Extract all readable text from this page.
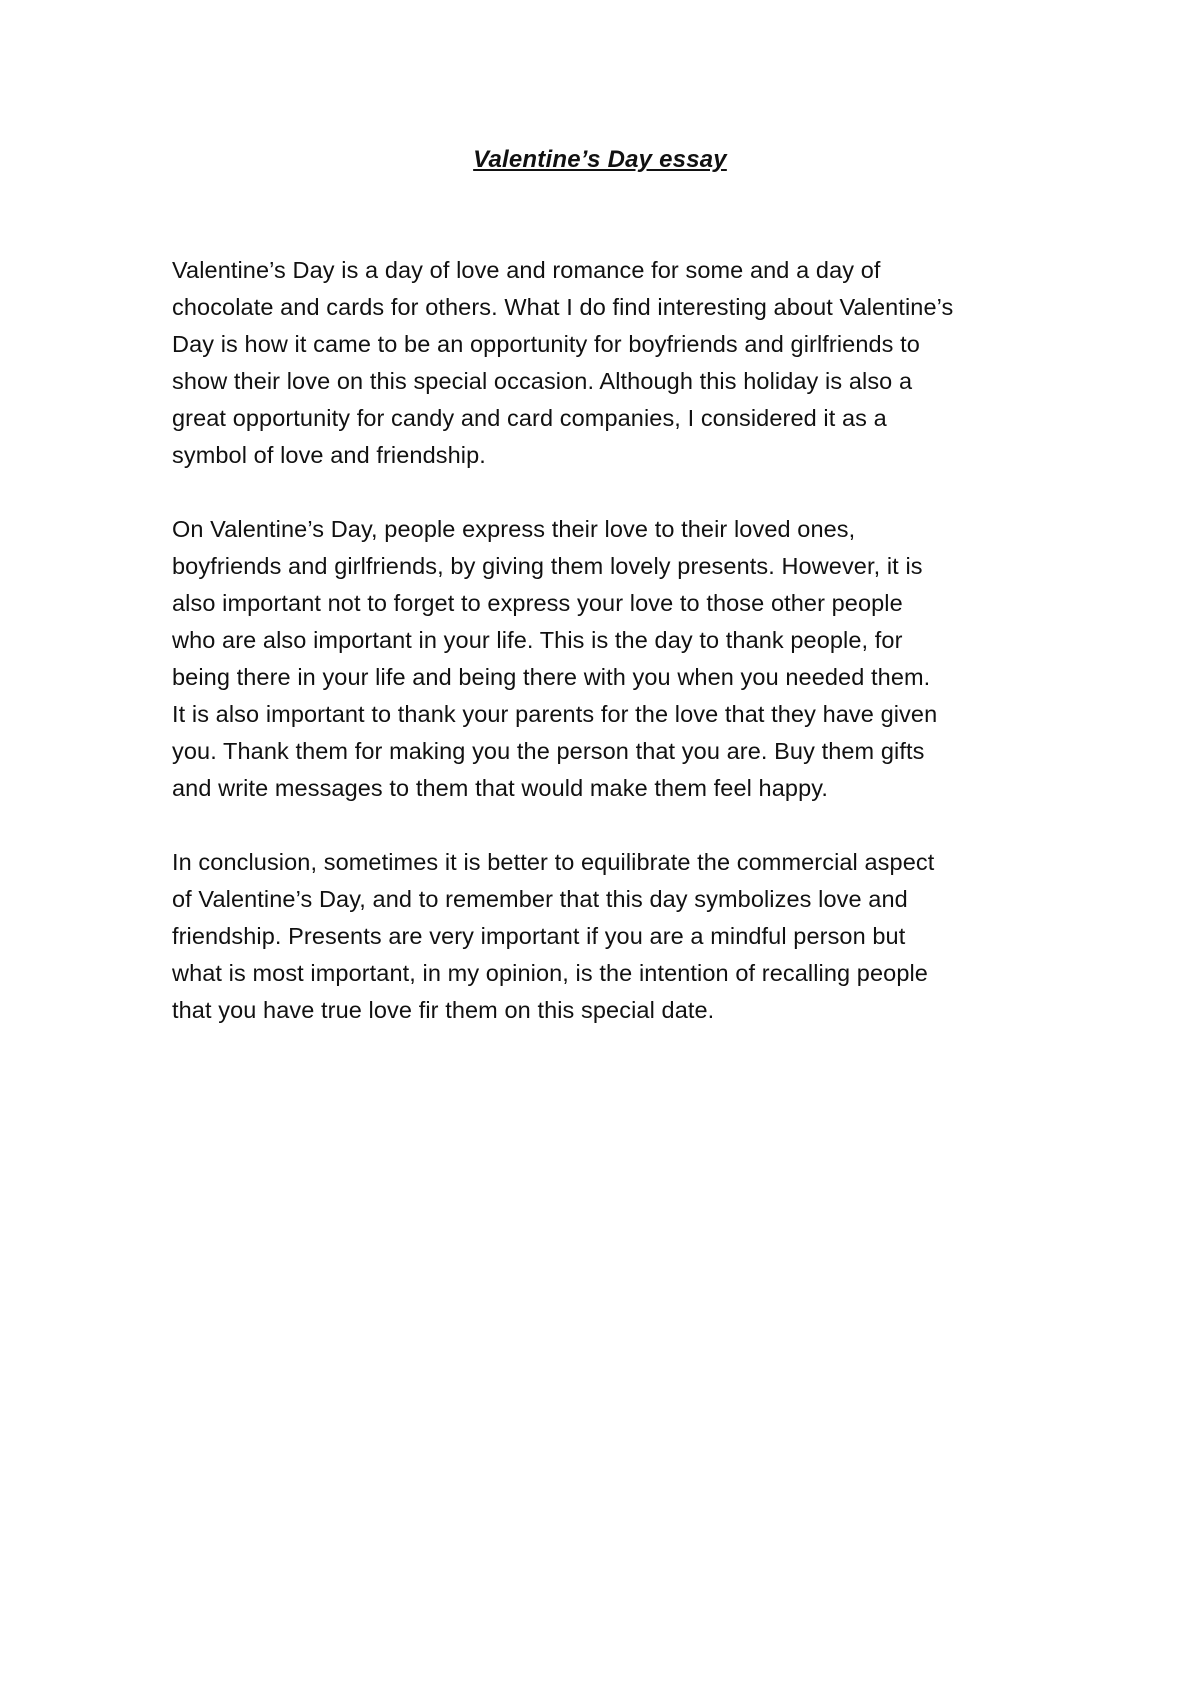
Valentine’s Day essay

Valentine’s Day is a day of love and romance for some and a day of
chocolate and cards for others. What I do find interesting about Valentine’s
Day is how it came to be an opportunity for boyfriends and girlfriends to
show their love on this special occasion. Although this holiday is also a
great opportunity for candy and card companies, I considered it as a
symbol of love and friendship.

On Valentine’s Day, people express their love to their loved ones,
boyfriends and girlfriends, by giving them lovely presents. However, it is
also important not to forget to express your love to those other people
who are also important in your life. This is the day to thank people, for
being there in your life and being there with you when you needed them.
It is also important to thank your parents for the love that they have given
you. Thank them for making you the person that you are. Buy them gifts
and write messages to them that would make them feel happy.

In conclusion, sometimes it is better to equilibrate the commercial aspect
of Valentine’s Day, and to remember that this day symbolizes love and
friendship. Presents are very important if you are a mindful person but
what is most important, in my opinion, is the intention of recalling people
that you have true love fir them on this special date.
